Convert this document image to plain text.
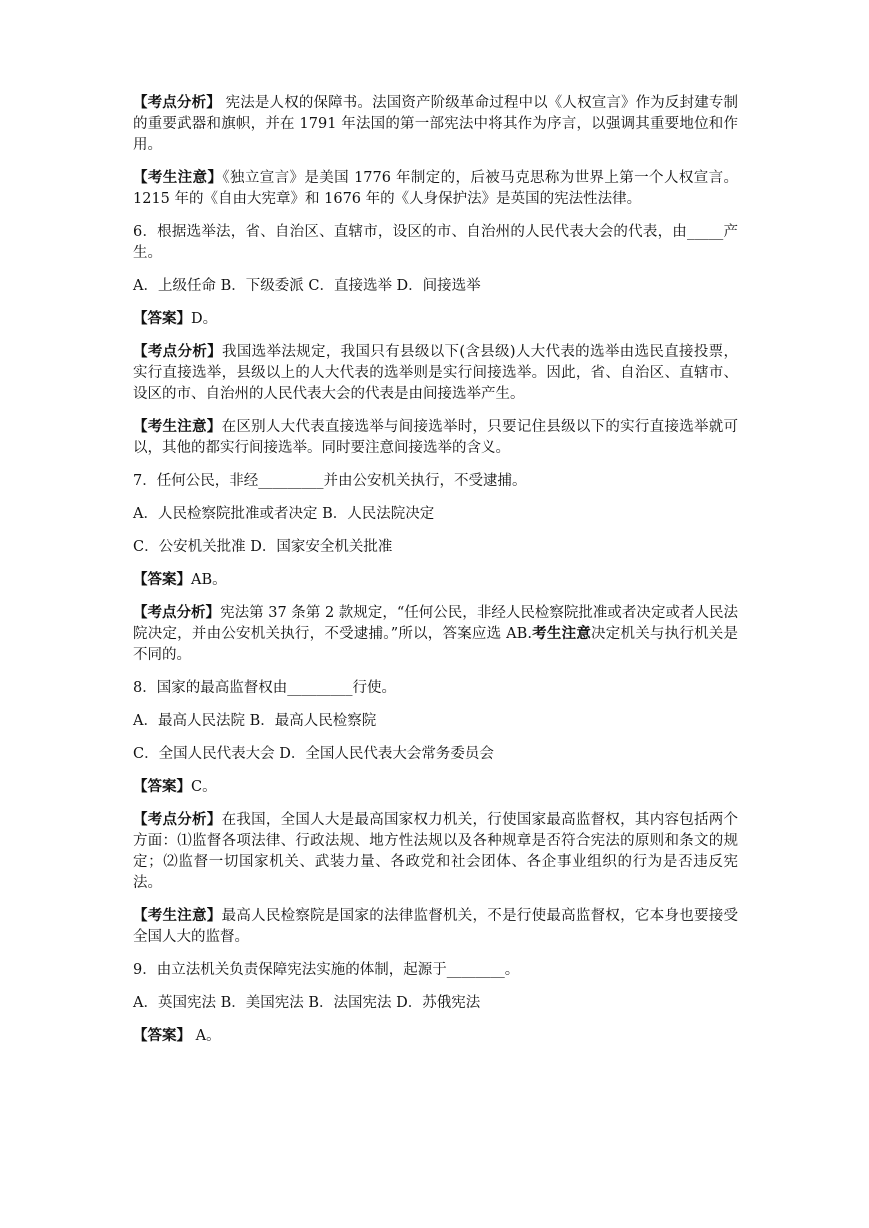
【考点分析】 宪法是人权的保障书。法国资产阶级革命过程中以《人权宣言》作为反封建专制的重要武器和旗帜，并在 1791 年法国的第一部宪法中将其作为序言，以强调其重要地位和作用。

【考生注意】《独立宣言》是美国 1776 年制定的，后被马克思称为世界上第一个人权宣言。1215 年的《自由大宪章》和 1676 年的《人身保护法》是英国的宪法性法律。

6．根据选举法，省、自治区、直辖市，设区的市、自治州的人民代表大会的代表，由_____产生。

A．上级任命 B．下级委派 C．直接选举 D．间接选举

【答案】D。

【考点分析】我国选举法规定，我国只有县级以下(含县级)人大代表的选举由选民直接投票，实行直接选举，县级以上的人大代表的选举则是实行间接选举。因此，省、自治区、直辖市、设区的市、自治州的人民代表大会的代表是由间接选举产生。

【考生注意】在区别人大代表直接选举与间接选举时，只要记住县级以下的实行直接选举就可以，其他的都实行间接选举。同时要注意间接选举的含义。

7．任何公民，非经_________并由公安机关执行，不受逮捕。

A．人民检察院批准或者决定 B．人民法院决定

C．公安机关批准 D．国家安全机关批准

【答案】AB。

【考点分析】宪法第 37 条第 2 款规定，“任何公民，非经人民检察院批准或者决定或者人民法院决定，并由公安机关执行，不受逮捕。”所以，答案应选 AB.考生注意决定机关与执行机关是不同的。

8．国家的最高监督权由_________行使。

A．最高人民法院 B．最高人民检察院

C．全国人民代表大会 D．全国人民代表大会常务委员会

【答案】C。

【考点分析】在我国，全国人大是最高国家权力机关，行使国家最高监督权，其内容包括两个方面：⑴监督各项法律、行政法规、地方性法规以及各种规章是否符合宪法的原则和条文的规定；⑵监督一切国家机关、武装力量、各政党和社会团体、各企事业组织的行为是否违反宪法。

【考生注意】最高人民检察院是国家的法律监督机关，不是行使最高监督权，它本身也要接受全国人大的监督。

9．由立法机关负责保障宪法实施的体制，起源于________。

A．英国宪法 B．美国宪法 B．法国宪法 D．苏俄宪法

【答案】 A。
